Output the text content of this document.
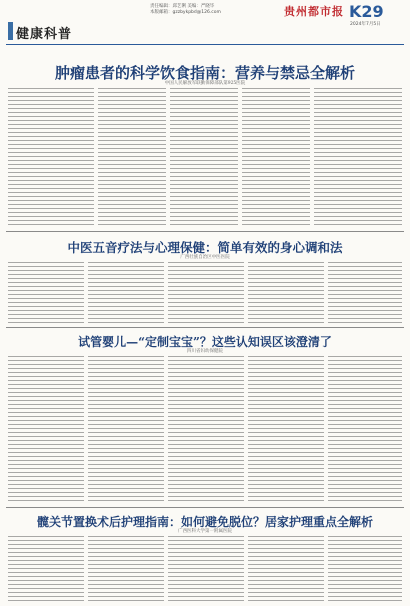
健康科普
责任编辑：邱艺俐 美编：严晓毕
本版邮箱：gzzbykpbd@126.com	贵州都市报 K29
2024年7月5日
肿瘤患者的科学饮食指南：营养与禁忌全解析
中国人民解放军联勤保障部队第925医院
中医五音疗法与心理保健：简单有效的身心调和法
广西壮族自治区中医医院
试管婴儿—“定制宝宝”？这些认知误区该澄清了
四川省妇幼保健院
髋关节置换术后护理指南：如何避免脱位？居家护理重点全解析
广西医科大学第一附属医院
